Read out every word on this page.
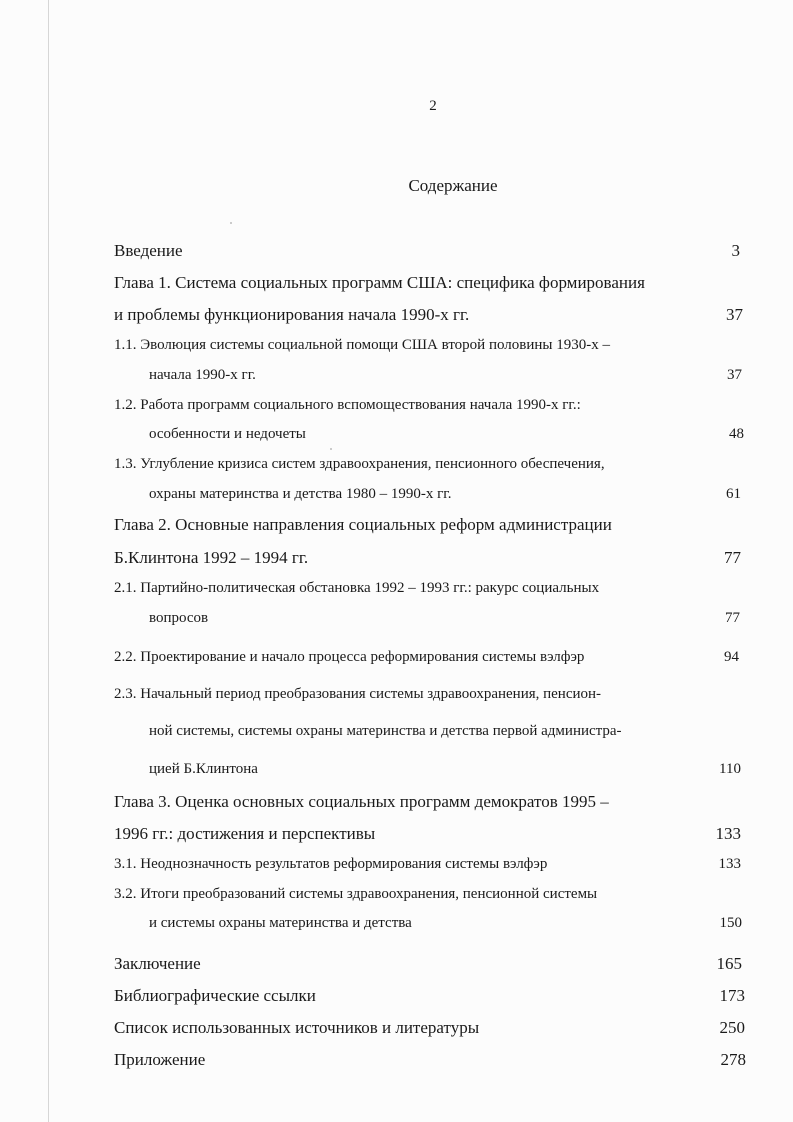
2
Содержание
Введение	3
Глава 1. Система социальных программ США: специфика формирования
и проблемы функционирования начала 1990-х гг.	37
1.1. Эволюция системы социальной помощи США второй половины 1930-х –
начала 1990-х гг.	37
1.2. Работа программ социального вспомоществования начала 1990-х гг.:
особенности и недочеты	48
1.3. Углубление кризиса систем здравоохранения, пенсионного обеспечения,
охраны материнства и детства 1980 – 1990-х гг.	61
Глава 2. Основные направления социальных реформ администрации
Б.Клинтона 1992 – 1994 гг.	77
2.1. Партийно-политическая обстановка 1992 – 1993 гг.: ракурс социальных
вопросов	77
2.2. Проектирование и начало процесса реформирования системы вэлфэр	94
2.3. Начальный период преобразования системы здравоохранения, пенсион-
ной системы, системы охраны материнства и детства первой администра-
цией Б.Клинтона	110
Глава 3. Оценка основных социальных программ демократов 1995 –
1996 гг.: достижения и перспективы	133
3.1. Неоднозначность результатов реформирования системы вэлфэр	133
3.2. Итоги преобразований системы здравоохранения, пенсионной системы
и системы охраны материнства и детства	150
Заключение	165
Библиографические ссылки	173
Список использованных источников и литературы	250
Приложение	278
